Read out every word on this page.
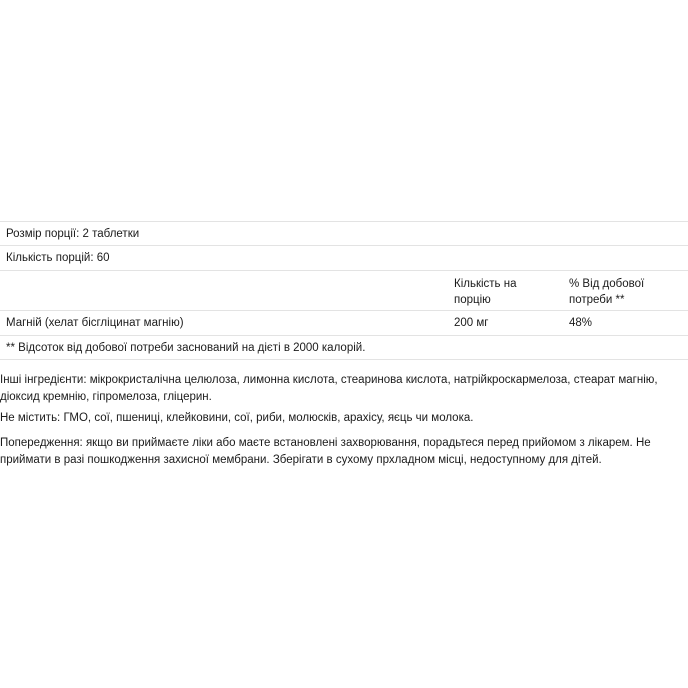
Розмір порції: 2 таблетки
Кількість порцій: 60
Кількість на порцію
% Від добової потреби **
Магній (хелат бісгліцинат магнію)	200 мг	48%
** Відсоток від добової потреби заснований на дієті в 2000 калорій.

Інші інгредієнти: мікрокристалічна целюлоза, лимонна кислота, стеаринова кислота, натрійкроскармелоза, стеарат магнію, діоксид кремнію, гіпромелоза, гліцерин.

Не містить: ГМО, сої, пшениці, клейковини, сої, риби, молюсків, арахісу, яєць чи молока.

Попередження: якщо ви приймаєте ліки або маєте встановлені захворювання, порадьтеся перед прийомом з лікарем. Не приймати в разі пошкодження захисної мембрани. Зберігати в сухому прхладном місці, недоступному для дітей.
